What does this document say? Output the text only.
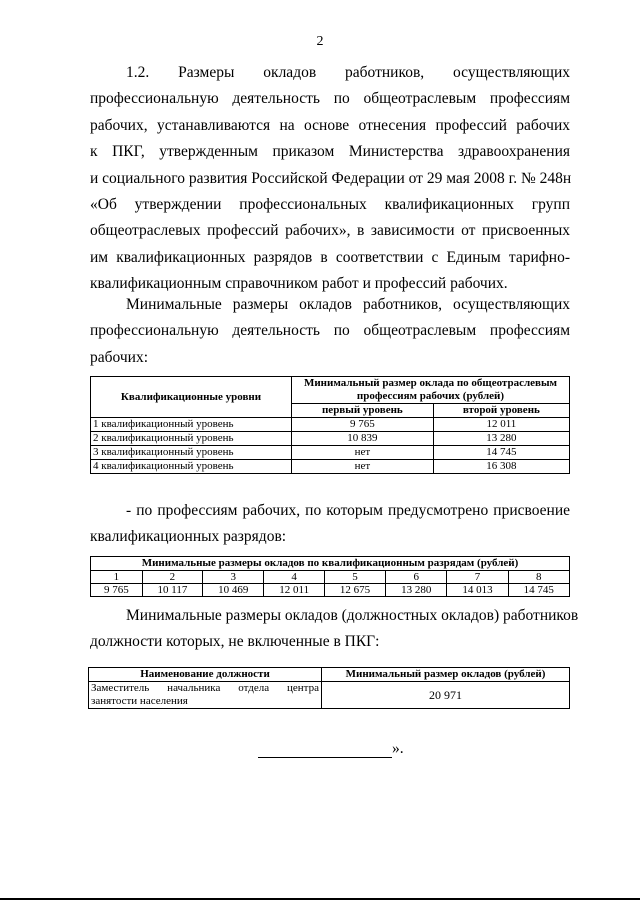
2
1.2. Размеры окладов работников, осуществляющих
профессиональную деятельность по общеотраслевым профессиям
рабочих, устанавливаются на основе отнесения профессий рабочих
к ПКГ, утвержденным приказом Министерства здравоохранения
и социального развития Российской Федерации от 29 мая 2008 г. № 248н
«Об утверждении профессиональных квалификационных групп
общеотраслевых профессий рабочих», в зависимости от присвоенных
им квалификационных разрядов в соответствии с Единым тарифно-
квалификационным справочником работ и профессий рабочих.
Минимальные размеры окладов работников, осуществляющих
профессиональную деятельность по общеотраслевым профессиям
рабочих:
Квалификационные уровни	Минимальный размер оклада по общеотраслевым профессиям рабочих (рублей)	
	первый уровень	второй уровень
1 квалификационный уровень	9 765	12 011
2 квалификационный уровень	10 839	13 280
3 квалификационный уровень	нет	14 745
4 квалификационный уровень	нет	16 308
- по профессиям рабочих, по которым предусмотрено присвоение
квалификационных разрядов:
Минимальные размеры окладов по квалификационным разрядам (рублей)							
1	2	3	4	5	6	7	8
9 765	10 117	10 469	12 011	12 675	13 280	14 013	14 745
Минимальные размеры окладов (должностных окладов) работников
должности которых, не включенные в ПКГ:
Наименование должности	Минимальный размер окладов (рублей)
Заместитель начальника отдела центра занятости населения	20 971
».
